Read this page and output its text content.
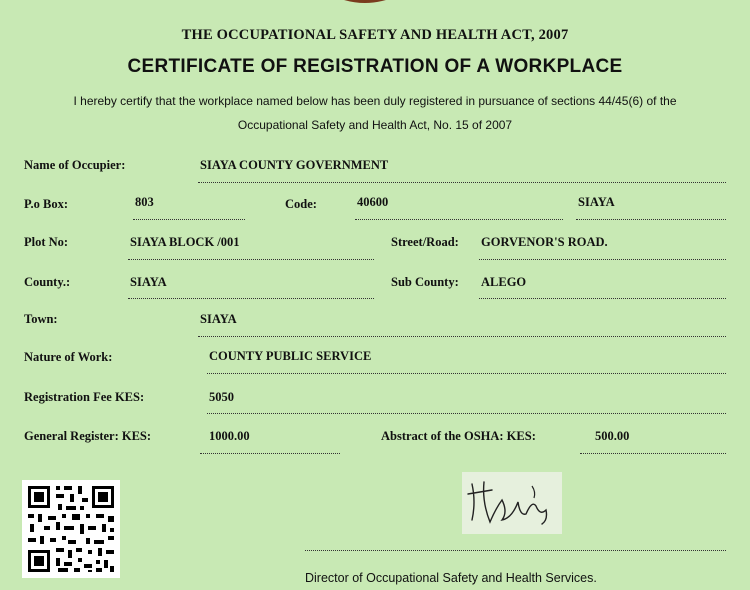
THE OCCUPATIONAL SAFETY AND HEALTH ACT, 2007
CERTIFICATE OF REGISTRATION OF A WORKPLACE
I hereby certify that the workplace named below has been duly registered in pursuance of sections 44/45(6) of the
Occupational Safety and Health Act, No. 15 of 2007
Name of Occupier:	SIAYA COUNTY GOVERNMENT
P.o Box:	803	Code:	40600	SIAYA
Plot No:	SIAYA BLOCK /001	Street/Road: GORVENOR'S ROAD.
County.:	SIAYA	Sub County: ALEGO
Town:	SIAYA
Nature of Work:	COUNTY PUBLIC SERVICE
Registration Fee KES:	5050
General Register: KES:	1000.00	Abstract of the OSHA: KES:	500.00
Director of Occupational Safety and Health Services.
